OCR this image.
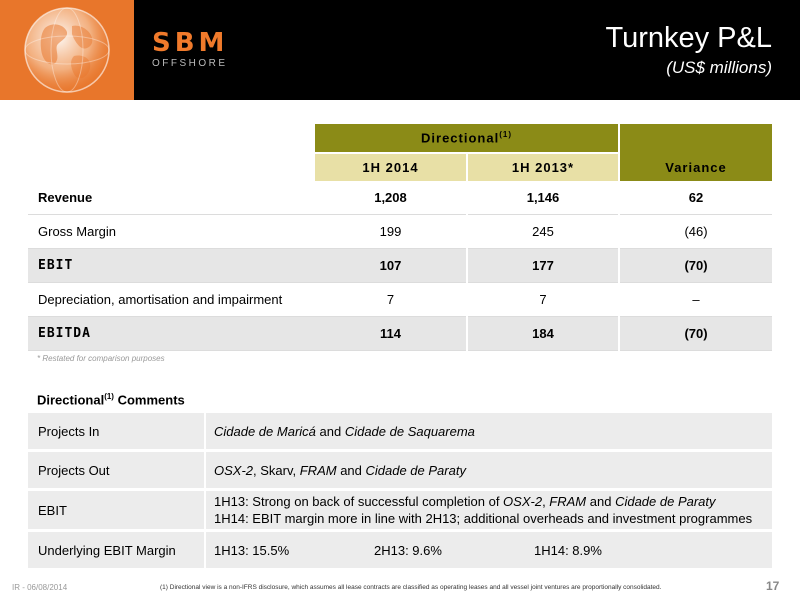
SBM
OFFSHORE
Turnkey P&L
(US$ millions)
	Directional$^{(1)}$		Variance
	1H 2014	1H 2013*	
Revenue	1,208	1,146	62
Gross Margin	199	245	(46)
EBIT	107	177	(70)
Depreciation, amortisation and impairment	7	7	–
EBITDA	114	184	(70)
* Restated for comparison purposes
Directional$^{(1)}$ Comments
Projects In	Cidade de Maricá and Cidade de Saquarema
Projects Out	OSX-2, Skarv, FRAM and Cidade de Paraty
EBIT	1H13: Strong on back of successful completion of OSX-2, FRAM and Cidade de Paraty
1H14: EBIT margin more in line with 2H13; additional overheads and investment programmes

Underlying EBIT Margin	1H13: 15.5% 2H13: 9.6% 1H14: 8.9%
IR - 06/08/2014	(1) Directional view is a non-IFRS disclosure, which assumes all lease contracts are classified as operating leases and all vessel joint ventures are proportionally consolidated.	17
